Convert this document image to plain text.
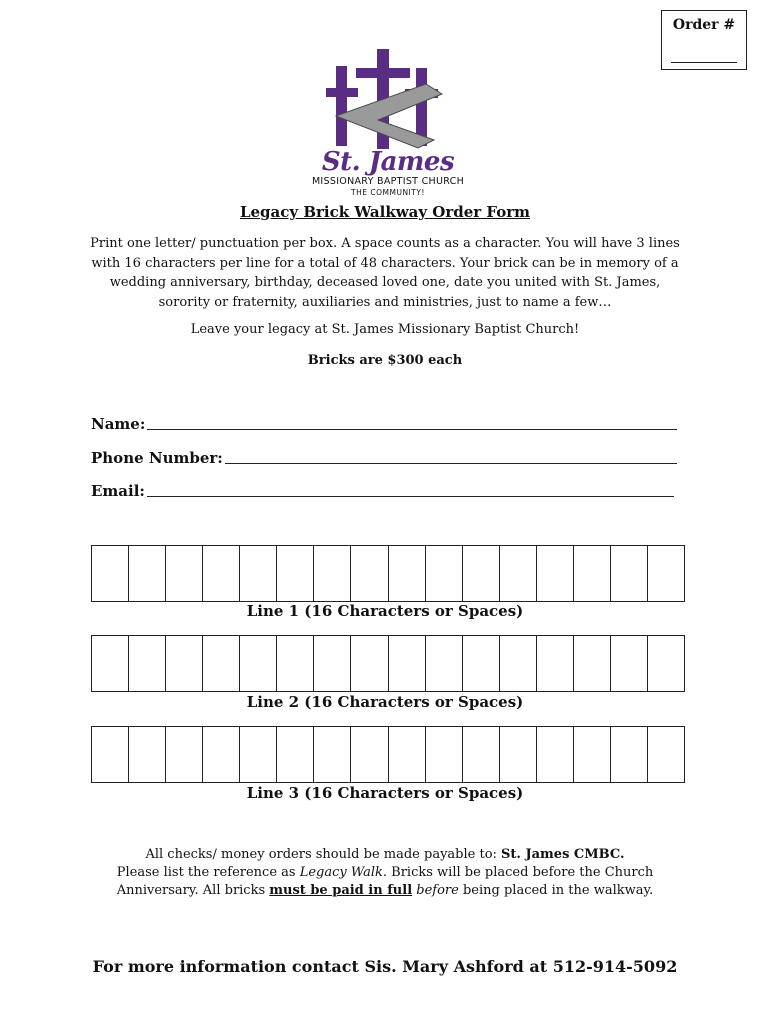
Order #
St. James
MISSIONARY BAPTIST CHURCH
THE COMMUNITY!
Legacy Brick Walkway Order Form
Print one letter/ punctuation per box. A space counts as a character. You will have 3 lines with 16 characters per line for a total of 48 characters. Your brick can be in memory of a wedding anniversary, birthday, deceased loved one, date you united with St. James, sorority or fraternity, auxiliaries and ministries, just to name a few…
Leave your legacy at St. James Missionary Baptist Church!
Bricks are $300 each
Name:
Phone Number:
Email:
Line 1 (16 Characters or Spaces)
Line 2 (16 Characters or Spaces)
Line 3 (16 Characters or Spaces)
All checks/ money orders should be made payable to: St. James CMBC.
Please list the reference as Legacy Walk. Bricks will be placed before the Church
Anniversary. All bricks must be paid in full before being placed in the walkway.
For more information contact Sis. Mary Ashford at 512-914-5092
